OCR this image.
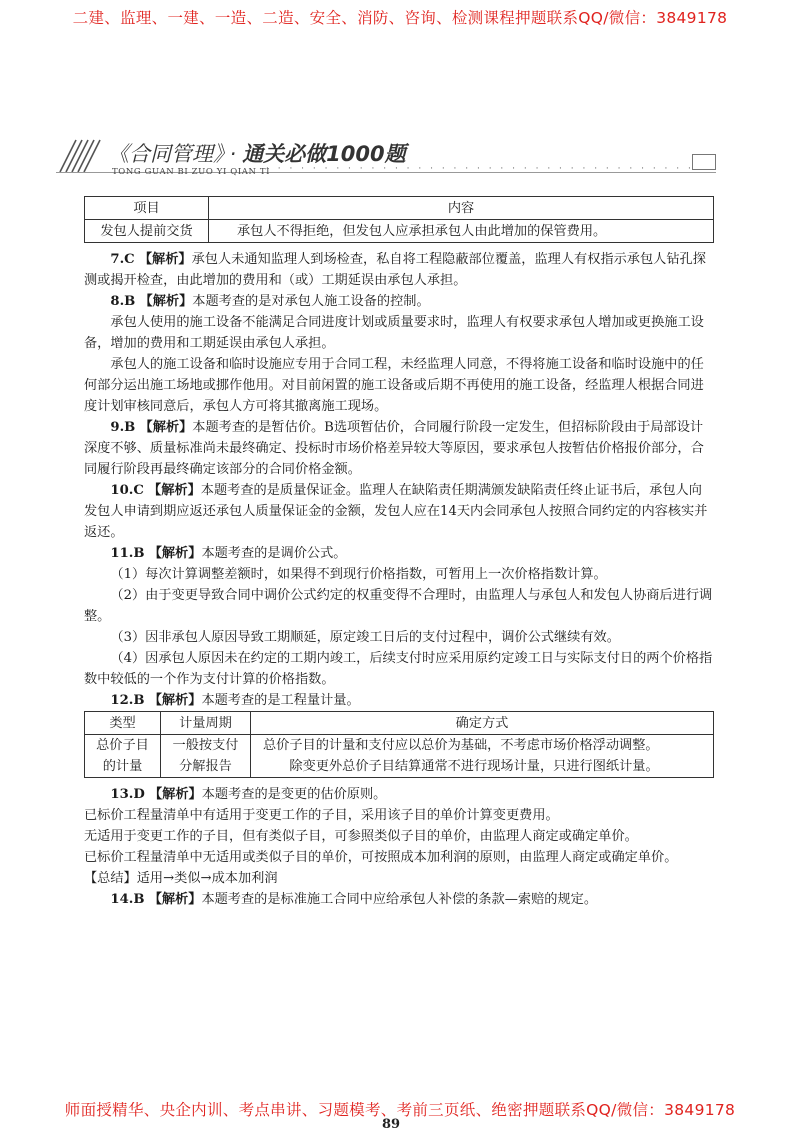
二建、监理、一建、一造、二造、安全、消防、咨询、检测课程押题联系QQ/微信：3849178
《合同管理》 · 通关必做1000题
TONG GUAN BI ZUO YI QIAN TI
· · · · · · · · · · · · · · · · · · · · · · · · · · · · · · · · · · · · ·
项目	内容
发包人提前交货	承包人不得拒绝，但发包人应承担承包人由此增加的保管费用。

7.C 【解析】承包人未通知监理人到场检查，私自将工程隐蔽部位覆盖，监理人有权指示承包人钻孔探测或揭开检查，由此增加的费用和（或）工期延误由承包人承担。

8.B 【解析】本题考查的是对承包人施工设备的控制。

承包人使用的施工设备不能满足合同进度计划或质量要求时，监理人有权要求承包人增加或更换施工设备，增加的费用和工期延误由承包人承担。

承包人的施工设备和临时设施应专用于合同工程，未经监理人同意，不得将施工设备和临时设施中的任何部分运出施工场地或挪作他用。对目前闲置的施工设备或后期不再使用的施工设备，经监理人根据合同进度计划审核同意后，承包人方可将其撤离施工现场。

9.B 【解析】本题考查的是暂估价。B选项暂估价，合同履行阶段一定发生，但招标阶段由于局部设计深度不够、质量标准尚未最终确定、投标时市场价格差异较大等原因，要求承包人按暂估价格报价部分，合同履行阶段再最终确定该部分的合同价格金额。

10.C 【解析】本题考查的是质量保证金。监理人在缺陷责任期满颁发缺陷责任终止证书后，承包人向发包人申请到期应返还承包人质量保证金的金额，发包人应在14天内会同承包人按照合同约定的内容核实并返还。

11.B 【解析】本题考查的是调价公式。

（1）每次计算调整差额时，如果得不到现行价格指数，可暂用上一次价格指数计算。

（2）由于变更导致合同中调价公式约定的权重变得不合理时，由监理人与承包人和发包人协商后进行调整。

（3）因非承包人原因导致工期顺延，原定竣工日后的支付过程中，调价公式继续有效。

（4）因承包人原因未在约定的工期内竣工，后续支付时应采用原约定竣工日与实际支付日的两个价格指数中较低的一个作为支付计算的价格指数。

12.B 【解析】本题考查的是工程量计量。

类型	计量周期	确定方式
总价子目的计量	一般按支付分解报告	总价子目的计量和支付应以总价为基础，不考虑市场价格浮动调整。
除变更外总价子目结算通常不进行现场计量，只进行图纸计量。

13.D 【解析】本题考查的是变更的估价原则。

已标价工程量清单中有适用于变更工作的子目，采用该子目的单价计算变更费用。

无适用于变更工作的子目，但有类似子目，可参照类似子目的单价，由监理人商定或确定单价。

已标价工程量清单中无适用或类似子目的单价，可按照成本加利润的原则，由监理人商定或确定单价。

【总结】适用→类似→成本加利润

14.B 【解析】本题考查的是标准施工合同中应给承包人补偿的条款—索赔的规定。

师面授精华、央企内训、考点串讲、习题模考、考前三页纸、绝密押题联系QQ/微信：3849178
89
